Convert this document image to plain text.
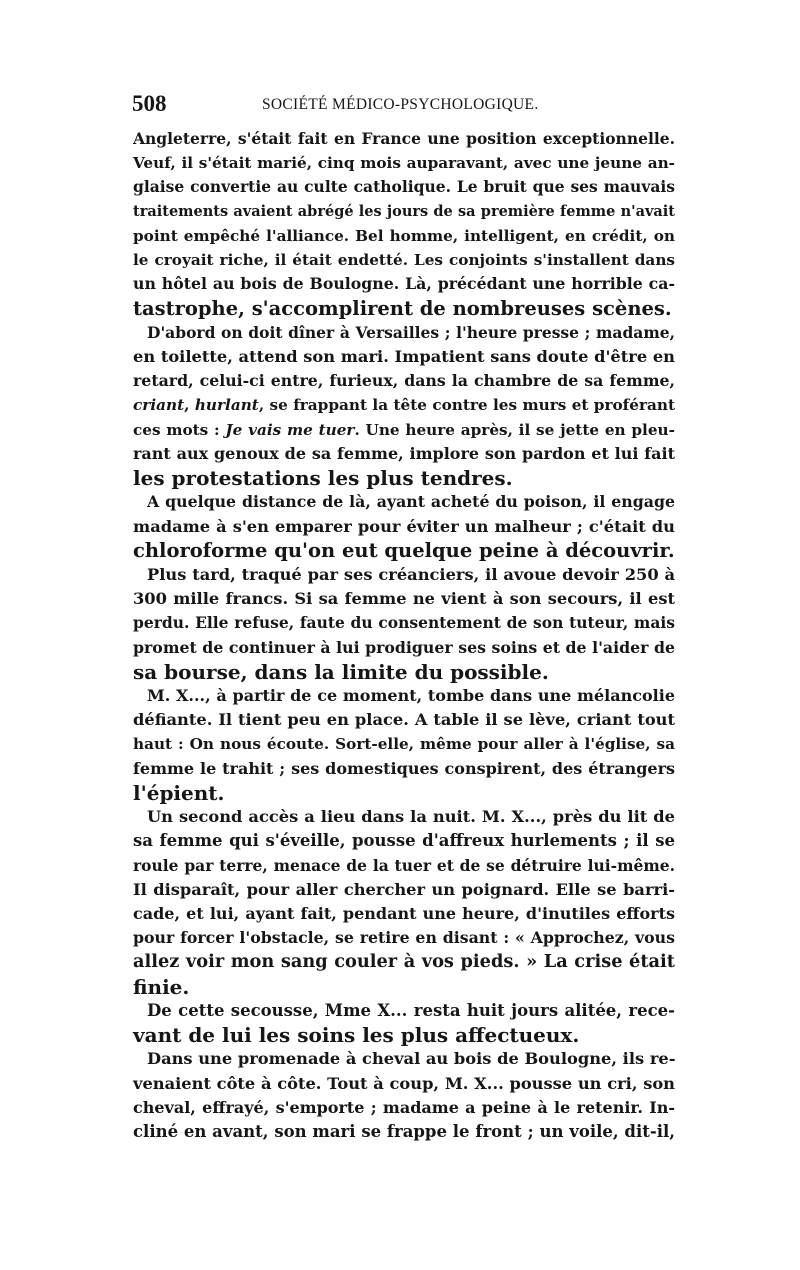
508	SOCIÉTÉ MÉDICO-PSYCHOLOGIQUE.
Angleterre, s'était fait en France une position exceptionnelle.
Veuf, il s'était marié, cinq mois auparavant, avec une jeune an-
glaise convertie au culte catholique. Le bruit que ses mauvais
traitements avaient abrégé les jours de sa première femme n'avait
point empêché l'alliance. Bel homme, intelligent, en crédit, on
le croyait riche, il était endetté. Les conjoints s'installent dans
un hôtel au bois de Boulogne. Là, précédant une horrible ca-
tastrophe, s'accomplirent de nombreuses scènes.
D'abord on doit dîner à Versailles ; l'heure presse ; madame,
en toilette, attend son mari. Impatient sans doute d'être en
retard, celui-ci entre, furieux, dans la chambre de sa femme,
criant, hurlant, se frappant la tête contre les murs et proférant
ces mots : Je vais me tuer. Une heure après, il se jette en pleu-
rant aux genoux de sa femme, implore son pardon et lui fait
les protestations les plus tendres.
A quelque distance de là, ayant acheté du poison, il engage
madame à s'en emparer pour éviter un malheur ; c'était du
chloroforme qu'on eut quelque peine à découvrir.
Plus tard, traqué par ses créanciers, il avoue devoir 250 à
300 mille francs. Si sa femme ne vient à son secours, il est
perdu. Elle refuse, faute du consentement de son tuteur, mais
promet de continuer à lui prodiguer ses soins et de l'aider de
sa bourse, dans la limite du possible.
M. X..., à partir de ce moment, tombe dans une mélancolie
défiante. Il tient peu en place. A table il se lève, criant tout
haut : On nous écoute. Sort-elle, même pour aller à l'église, sa
femme le trahit ; ses domestiques conspirent, des étrangers
l'épient.
Un second accès a lieu dans la nuit. M. X..., près du lit de
sa femme qui s'éveille, pousse d'affreux hurlements ; il se
roule par terre, menace de la tuer et de se détruire lui-même.
Il disparaît, pour aller chercher un poignard. Elle se barri-
cade, et lui, ayant fait, pendant une heure, d'inutiles efforts
pour forcer l'obstacle, se retire en disant : « Approchez, vous
allez voir mon sang couler à vos pieds. » La crise était
finie.
De cette secousse, Mme X... resta huit jours alitée, rece-
vant de lui les soins les plus affectueux.
Dans une promenade à cheval au bois de Boulogne, ils re-
venaient côte à côte. Tout à coup, M. X... pousse un cri, son
cheval, effrayé, s'emporte ; madame a peine à le retenir. In-
cliné en avant, son mari se frappe le front ; un voile, dit-il,
